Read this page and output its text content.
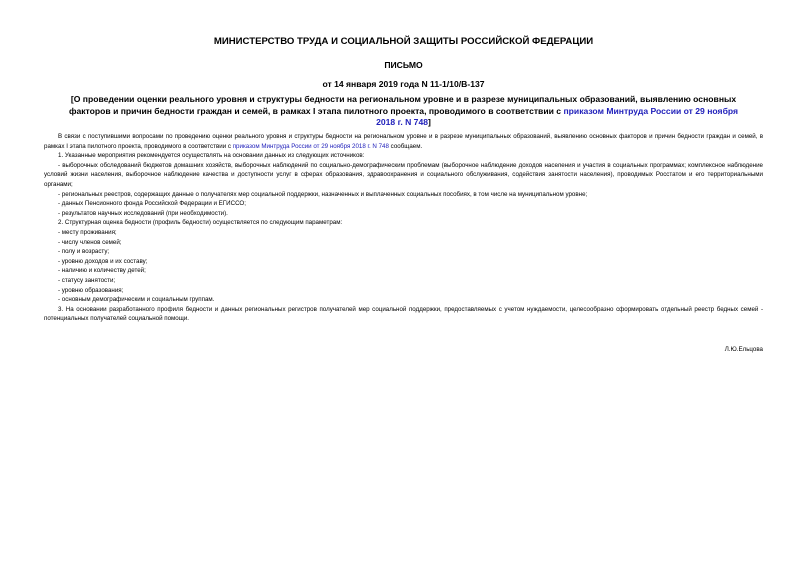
МИНИСТЕРСТВО ТРУДА И СОЦИАЛЬНОЙ ЗАЩИТЫ РОССИЙСКОЙ ФЕДЕРАЦИИ
ПИСЬМО
от 14 января 2019 года N 11-1/10/В-137
[О проведении оценки реального уровня и структуры бедности на региональном уровне и в разрезе муниципальных образований, выявлению основных факторов и причин бедности граждан и семей, в рамках I этапа пилотного проекта, проводимого в соответствии с приказом Минтруда России от 29 ноября 2018 г. N 748]

В связи с поступившими вопросами по проведению оценки реального уровня и структуры бедности на региональном уровне и в разрезе муниципальных образований, выявлению основных факторов и причин бедности граждан и семей, в рамках I этапа пилотного проекта, проводимого в соответствии с приказом Минтруда России от 29 ноября 2018 г. N 748 сообщаем.

1. Указанные мероприятия рекомендуется осуществлять на основании данных из следующих источников:

- выборочных обследований бюджетов домашних хозяйств, выборочных наблюдений по социально-демографическим проблемам (выборочное наблюдение доходов населения и участия в социальных программах; комплексное наблюдение условий жизни населения, выборочное наблюдение качества и доступности услуг в сферах образования, здравоохранения и социального обслуживания, содействия занятости населения), проводимых Росстатом и его территориальными органами;

- региональных реестров, содержащих данные о получателях мер социальной поддержки, назначенных и выплаченных социальных пособиях, в том числе на муниципальном уровне;

- данных Пенсионного фонда Российской Федерации и ЕГИССО;

- результатов научных исследований (при необходимости).

2. Структурная оценка бедности (профиль бедности) осуществляется по следующим параметрам:

- месту проживания;

- числу членов семей;

- полу и возрасту;

- уровню доходов и их составу;

- наличию и количеству детей;

- статусу занятости;

- уровню образования;

- основным демографическим и социальным группам.

3. На основании разработанного профиля бедности и данных региональных регистров получателей мер социальной поддержки, предоставляемых с учетом нуждаемости, целесообразно сформировать отдельный реестр бедных семей - потенциальных получателей социальной помощи.

Л.Ю.Ельцова
